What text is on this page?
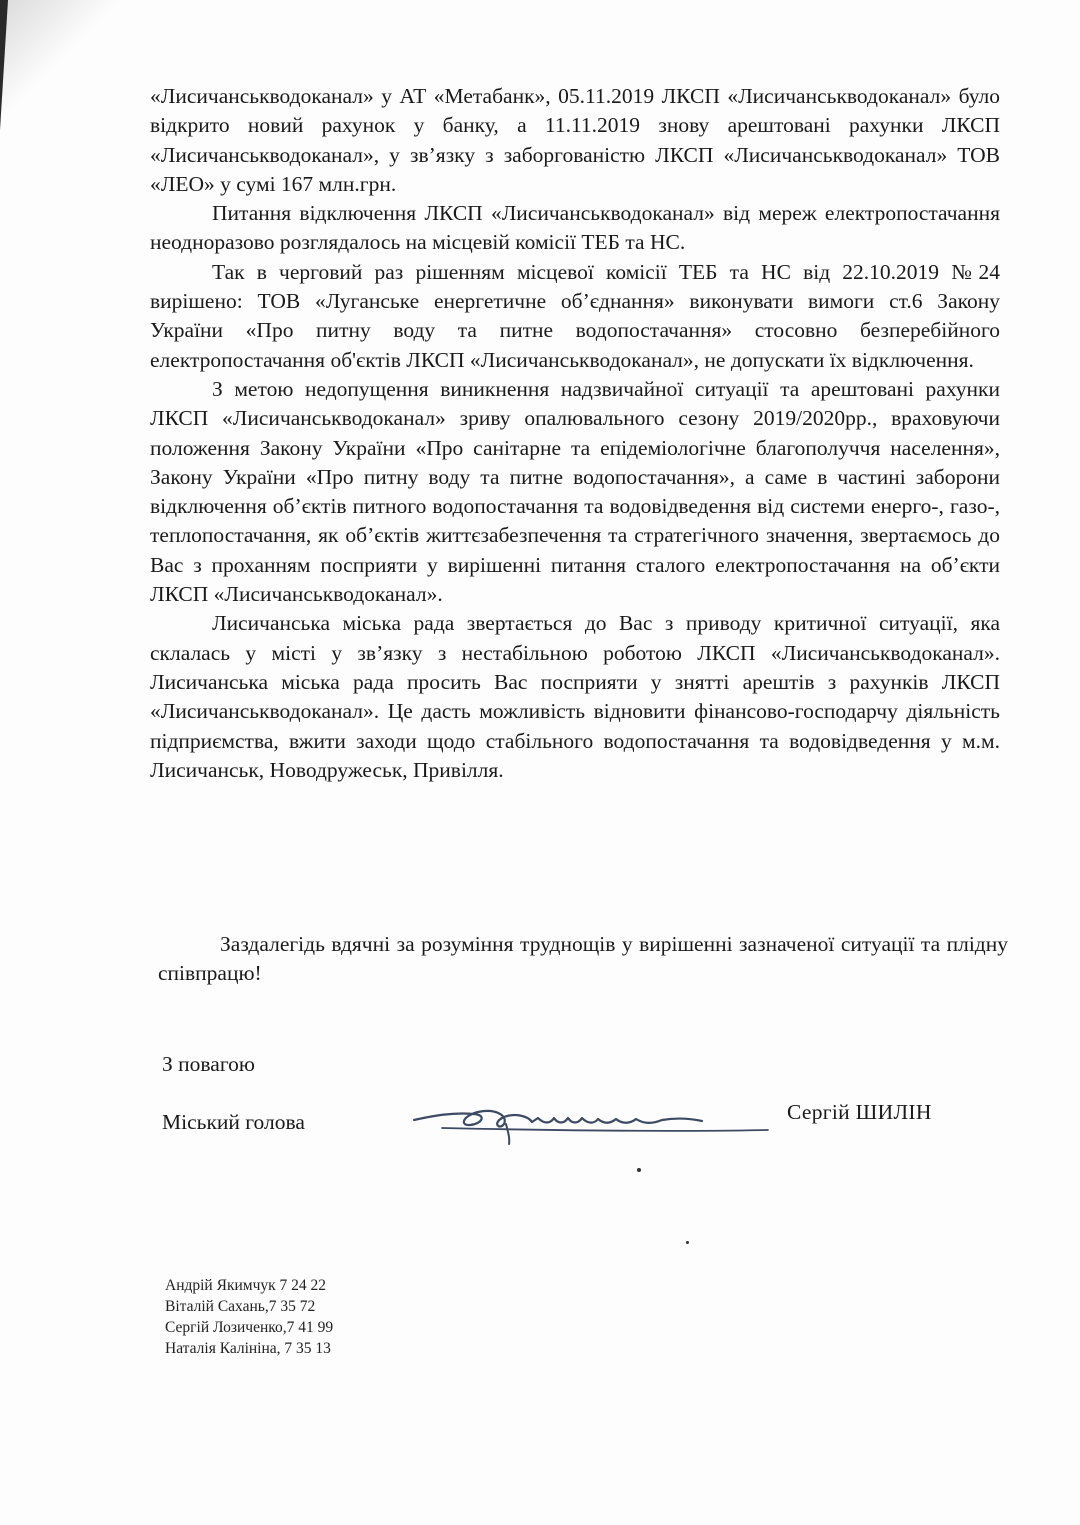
«Лисичанськводоканал» у АТ «Метабанк», 05.11.2019 ЛКСП «Лисичанськводоканал» було відкрито новий рахунок у банку, а 11.11.2019 знову арештовані рахунки ЛКСП «Лисичанськводоканал», у зв’язку з заборгованістю ЛКСП «Лисичанськводоканал» ТОВ «ЛЕО» у сумі 167 млн.грн.

Питання відключення ЛКСП «Лисичанськводоканал» від мереж електропостачання неодноразово розглядалось на місцевій комісії ТЕБ та НС.

Так в черговий раз рішенням місцевої комісії ТЕБ та НС від 22.10.2019 №24 вирішено: ТОВ «Луганське енергетичне об’єднання» виконувати вимоги ст.6 Закону України «Про питну воду та питне водопостачання» стосовно безперебійного електропостачання об'єктів ЛКСП «Лисичанськводоканал», не допускати їх відключення.

З метою недопущення виникнення надзвичайної ситуації та арештовані рахунки ЛКСП «Лисичанськводоканал» зриву опалювального сезону 2019/2020рр., враховуючи положення Закону України «Про санітарне та епідеміологічне благополуччя населення», Закону України «Про питну воду та питне водопостачання», а саме в частині заборони відключення об’єктів питного водопостачання та водовідведення від системи енерго-, газо-, теплопостачання, як об’єктів життєзабезпечення та стратегічного значення, звертаємось до Вас з проханням посприяти у вирішенні питання сталого електропостачання на об’єкти ЛКСП «Лисичанськводоканал».

Лисичанська міська рада звертається до Вас з приводу критичної ситуації, яка склалась у місті у зв’язку з нестабільною роботою ЛКСП «Лисичанськводоканал». Лисичанська міська рада просить Вас посприяти у знятті арештів з рахунків ЛКСП «Лисичанськводоканал». Це дасть можливість відновити фінансово-господарчу діяльність підприємства, вжити заходи щодо стабільного водопостачання та водовідведення у м.м. Лисичанськ, Новодружеськ, Привілля.

Заздалегідь вдячні за розуміння труднощів у вирішенні зазначеної ситуації та плідну співпрацю!

З повагою

Міський голова	Сергій ШИЛІН

Андрій Якимчук 7 24 22
Віталій Сахань,7 35 72
Сергій Лозиченко,7 41 99
Наталія Калініна, 7 35 13
